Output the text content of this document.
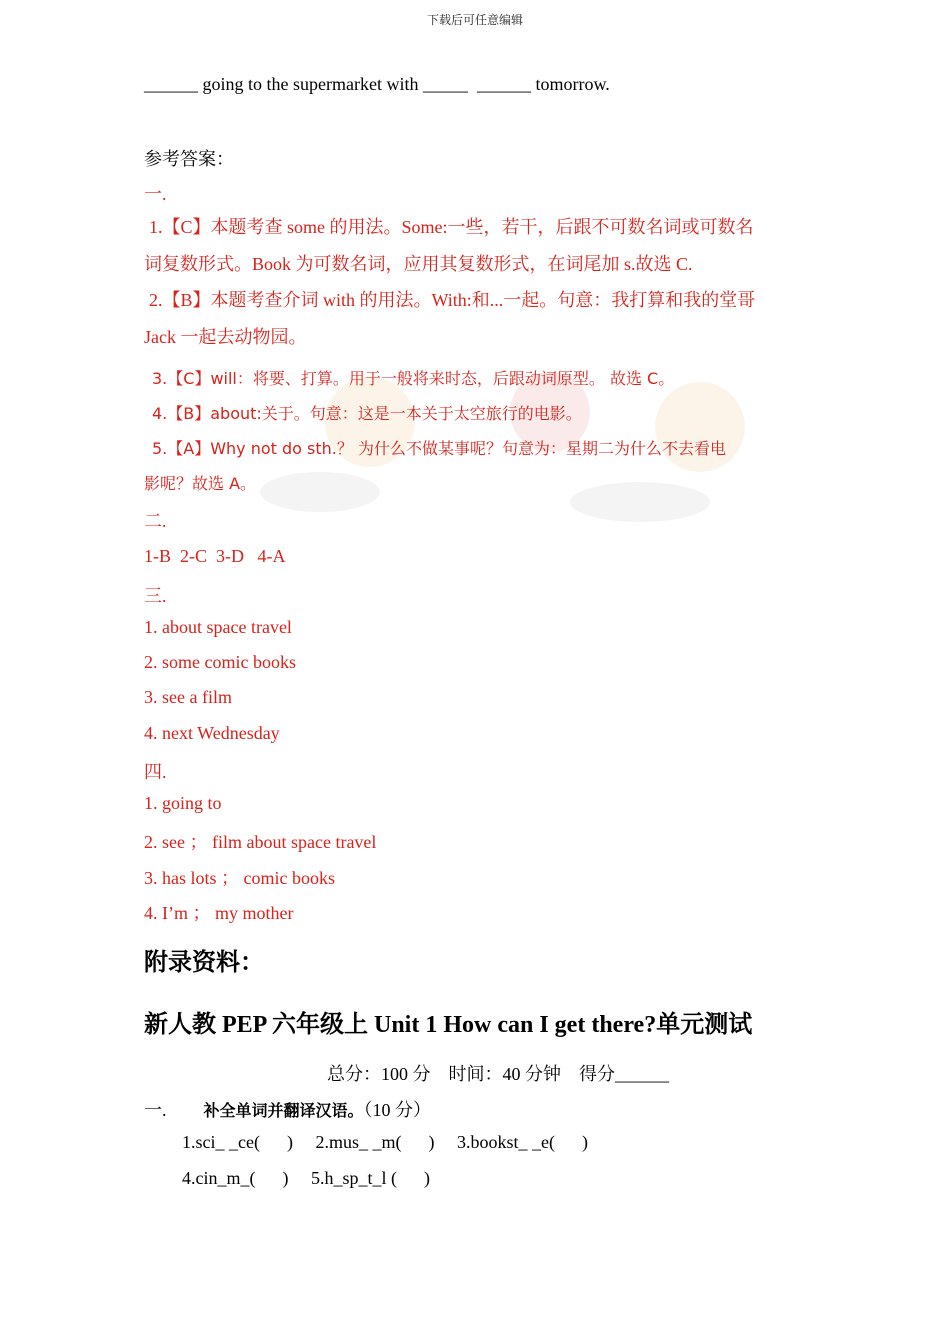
下载后可任意编辑
______ going to the supermarket with _____ ______ tomorrow.
参考答案：
一.
1.【C】本题考查 some 的用法。Some:一些，若干，后跟不可数名词或可数名
词复数形式。Book 为可数名词，应用其复数形式，在词尾加 s.故选 C.
2.【B】本题考查介词 with 的用法。With:和...一起。句意：我打算和我的堂哥
Jack 一起去动物园。
3.【C】will：将要、打算。用于一般将来时态，后跟动词原型。 故选 C。
4.【B】about:关于。句意：这是一本关于太空旅行的电影。
5.【A】Why not do sth.？ 为什么不做某事呢？句意为：星期二为什么不去看电
影呢？故选 A。
二.
1-B  2-C  3-D   4-A
三.
1. about space travel
2. some comic books
3. see a film
4. next Wednesday
四.
1. going to
2. see ； film about space travel
3. has lots ； comic books
4. I’m ； my mother
附录资料：
新人教 PEP 六年级上 Unit 1 How can I get there?单元测试
总分：100 分    时间：40 分钟    得分______
一. 补全单词并翻译汉语。（10 分）
1.sci_ _ce(      )     2.mus_ _m(      )     3.bookst_ _e(      )
4.cin_m_(      )     5.h_sp_t_l (      )
